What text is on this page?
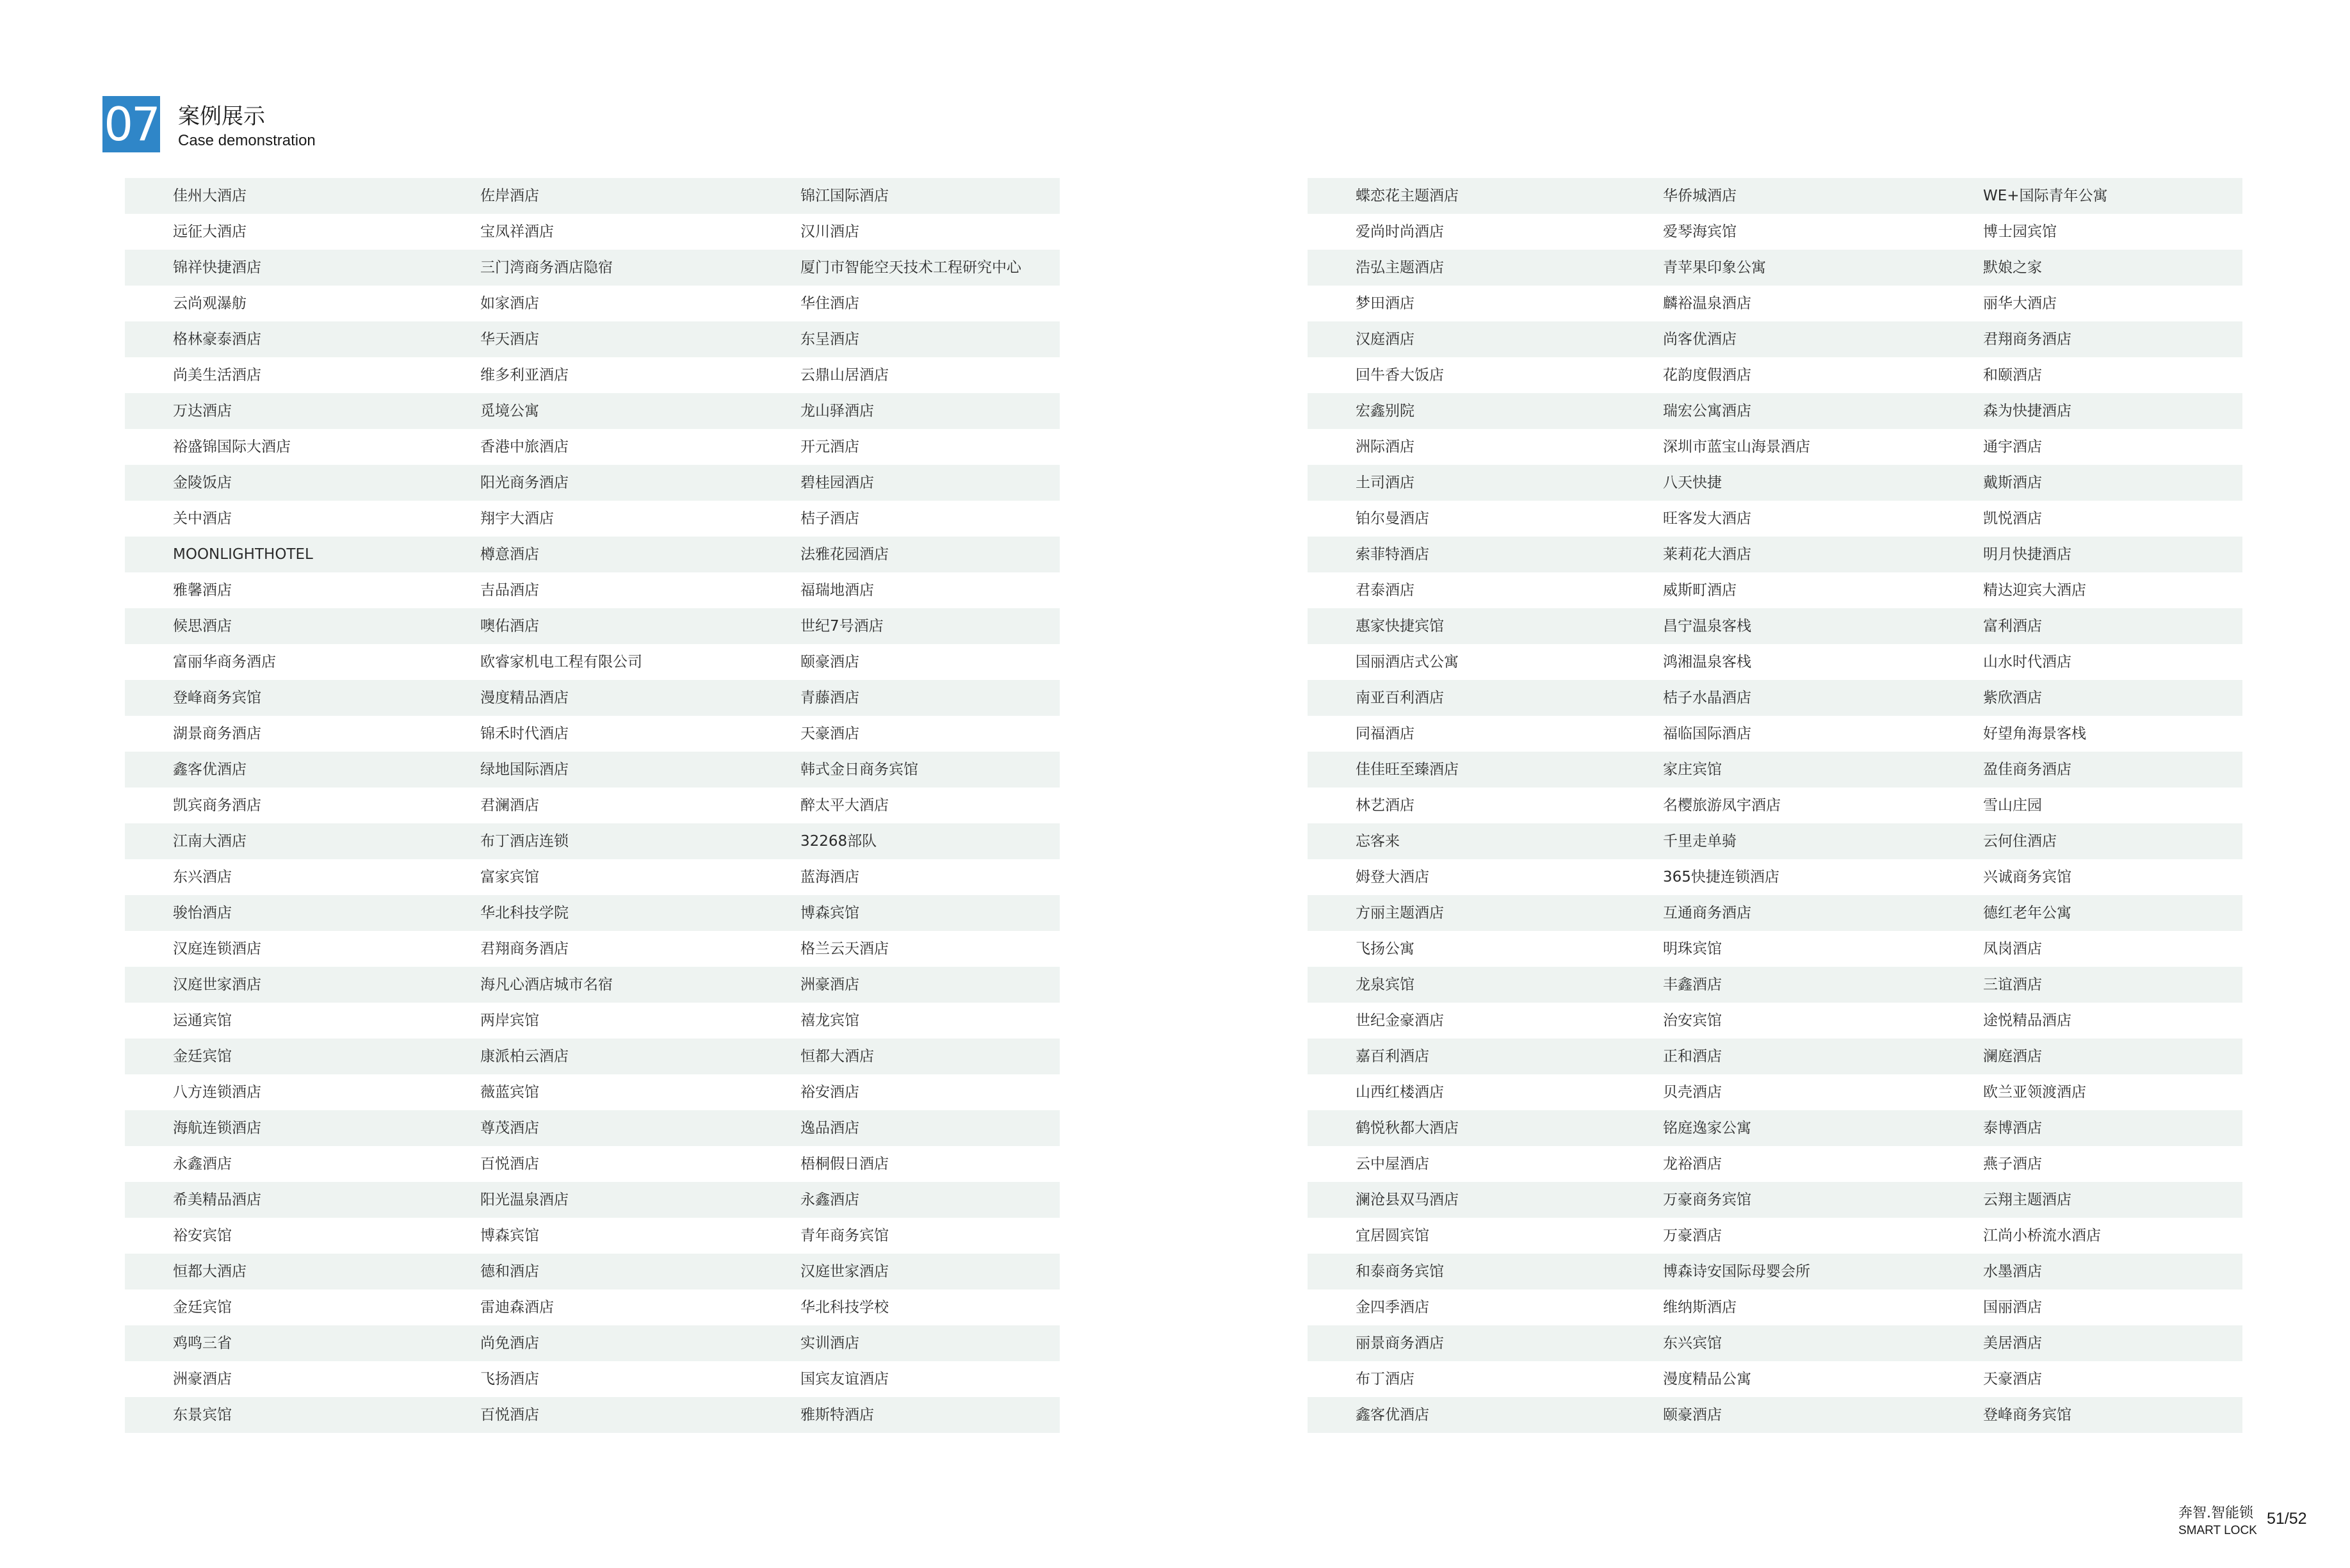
07 案例展示
Case demonstration
佳州大酒店	佐岸酒店	锦江国际酒店
远征大酒店	宝凤祥酒店	汉川酒店
锦祥快捷酒店	三门湾商务酒店隐宿	厦门市智能空天技术工程研究中心
云尚观瀑舫	如家酒店	华住酒店
格林豪泰酒店	华天酒店	东呈酒店
尚美生活酒店	维多利亚酒店	云鼎山居酒店
万达酒店	觅境公寓	龙山驿酒店
裕盛锦国际大酒店	香港中旅酒店	开元酒店
金陵饭店	阳光商务酒店	碧桂园酒店
关中酒店	翔宇大酒店	桔子酒店
MOONLIGHTHOTEL	樽意酒店	法雅花园酒店
雅馨酒店	吉品酒店	福瑞地酒店
候思酒店	噢佑酒店	世纪7号酒店
富丽华商务酒店	欧睿家机电工程有限公司	颐豪酒店
登峰商务宾馆	漫度精品酒店	青藤酒店
湖景商务酒店	锦禾时代酒店	天豪酒店
鑫客优酒店	绿地国际酒店	韩式金日商务宾馆
凯宾商务酒店	君澜酒店	醉太平大酒店
江南大酒店	布丁酒店连锁	32268部队
东兴酒店	富家宾馆	蓝海酒店
骏怡酒店	华北科技学院	博森宾馆
汉庭连锁酒店	君翔商务酒店	格兰云天酒店
汉庭世家酒店	海凡心酒店城市名宿	洲豪酒店
运通宾馆	两岸宾馆	禧龙宾馆
金廷宾馆	康派柏云酒店	恒都大酒店
八方连锁酒店	薇蓝宾馆	裕安酒店
海航连锁酒店	尊茂酒店	逸品酒店
永鑫酒店	百悦酒店	梧桐假日酒店
希美精品酒店	阳光温泉酒店	永鑫酒店
裕安宾馆	博森宾馆	青年商务宾馆
恒都大酒店	德和酒店	汉庭世家酒店
金廷宾馆	雷迪森酒店	华北科技学校
鸡鸣三省	尚免酒店	实训酒店
洲豪酒店	飞扬酒店	国宾友谊酒店
东景宾馆	百悦酒店	雅斯特酒店
蝶恋花主题酒店	华侨城酒店	WE+国际青年公寓
爱尚时尚酒店	爱琴海宾馆	博士园宾馆
浩弘主题酒店	青苹果印象公寓	默娘之家
梦田酒店	麟裕温泉酒店	丽华大酒店
汉庭酒店	尚客优酒店	君翔商务酒店
回牛香大饭店	花韵度假酒店	和颐酒店
宏鑫别院	瑞宏公寓酒店	森为快捷酒店
洲际酒店	深圳市蓝宝山海景酒店	通宇酒店
土司酒店	八天快捷	戴斯酒店
铂尔曼酒店	旺客发大酒店	凯悦酒店
索菲特酒店	莱莉花大酒店	明月快捷酒店
君泰酒店	威斯町酒店	精达迎宾大酒店
惠家快捷宾馆	昌宁温泉客栈	富利酒店
国丽酒店式公寓	鸿湘温泉客栈	山水时代酒店
南亚百利酒店	桔子水晶酒店	紫欣酒店
同福酒店	福临国际酒店	好望角海景客栈
佳佳旺至臻酒店	家庄宾馆	盈佳商务酒店
林艺酒店	名樱旅游凤宇酒店	雪山庄园
忘客来	千里走单骑	云何住酒店
姆登大酒店	365快捷连锁酒店	兴诚商务宾馆
方丽主题酒店	互通商务酒店	德红老年公寓
飞扬公寓	明珠宾馆	凤岗酒店
龙泉宾馆	丰鑫酒店	三谊酒店
世纪金豪酒店	治安宾馆	途悦精品酒店
嘉百利酒店	正和酒店	澜庭酒店
山西红楼酒店	贝壳酒店	欧兰亚领渡酒店
鹤悦秋都大酒店	铭庭逸家公寓	泰博酒店
云中屋酒店	龙裕酒店	燕子酒店
澜沧县双马酒店	万豪商务宾馆	云翔主题酒店
宜居圆宾馆	万豪酒店	江尚小桥流水酒店
和泰商务宾馆	博森诗安国际母婴会所	水墨酒店
金四季酒店	维纳斯酒店	国丽酒店
丽景商务酒店	东兴宾馆	美居酒店
布丁酒店	漫度精品公寓	天豪酒店
鑫客优酒店	颐豪酒店	登峰商务宾馆
奔智.智能锁
SMART LOCK
51/52
